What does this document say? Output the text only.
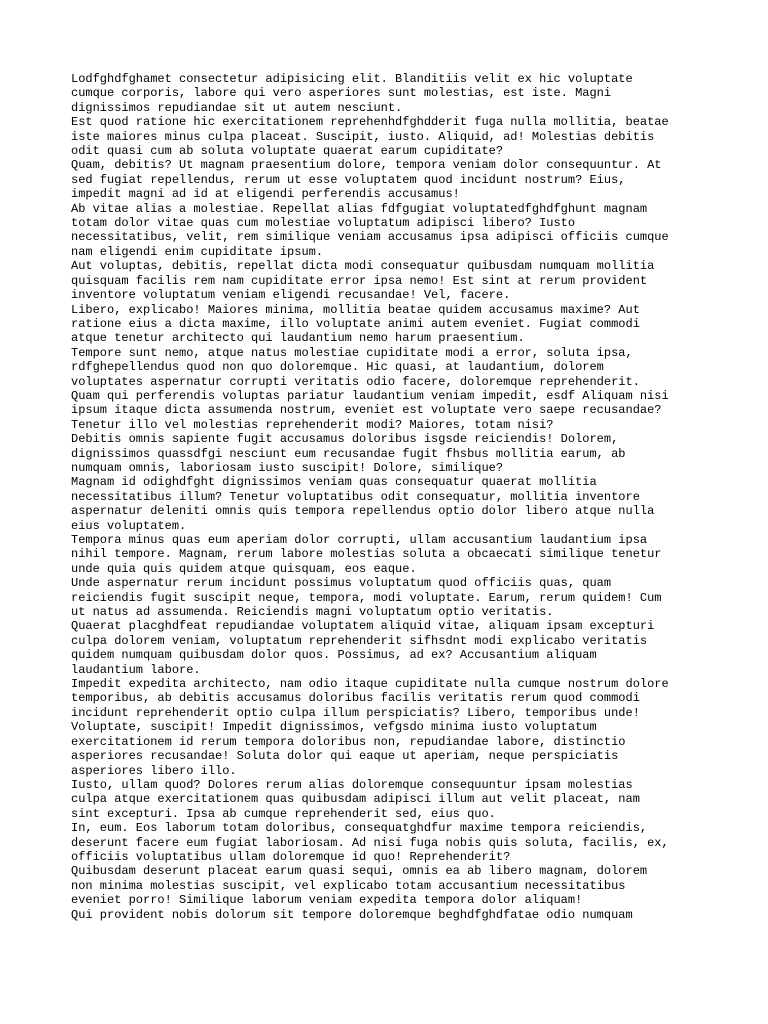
Lodfghdfghamet consectetur adipisicing elit. Blanditiis velit ex hic voluptate
cumque corporis, labore qui vero asperiores sunt molestias, est iste. Magni
dignissimos repudiandae sit ut autem nesciunt.

Est quod ratione hic exercitationem reprehenhdfghdderit fuga nulla mollitia, beatae
iste maiores minus culpa placeat. Suscipit, iusto. Aliquid, ad! Molestias debitis
odit quasi cum ab soluta voluptate quaerat earum cupiditate?

Quam, debitis? Ut magnam praesentium dolore, tempora veniam dolor consequuntur. At
sed fugiat repellendus, rerum ut esse voluptatem quod incidunt nostrum? Eius,
impedit magni ad id at eligendi perferendis accusamus!

Ab vitae alias a molestiae. Repellat alias fdfgugiat voluptatedfghdfghunt magnam
totam dolor vitae quas cum molestiae voluptatum adipisci libero? Iusto
necessitatibus, velit, rem similique veniam accusamus ipsa adipisci officiis cumque
nam eligendi enim cupiditate ipsum.

Aut voluptas, debitis, repellat dicta modi consequatur quibusdam numquam mollitia
quisquam facilis rem nam cupiditate error ipsa nemo! Est sint at rerum provident
inventore voluptatum veniam eligendi recusandae! Vel, facere.

Libero, explicabo! Maiores minima, mollitia beatae quidem accusamus maxime? Aut
ratione eius a dicta maxime, illo voluptate animi autem eveniet. Fugiat commodi
atque tenetur architecto qui laudantium nemo harum praesentium.

Tempore sunt nemo, atque natus molestiae cupiditate modi a error, soluta ipsa,
rdfghepellendus quod non quo doloremque. Hic quasi, at laudantium, dolorem
voluptates aspernatur corrupti veritatis odio facere, doloremque reprehenderit.

Quam qui perferendis voluptas pariatur laudantium veniam impedit, esdf Aliquam nisi
ipsum itaque dicta assumenda nostrum, eveniet est voluptate vero saepe recusandae?
Tenetur illo vel molestias reprehenderit modi? Maiores, totam nisi?

Debitis omnis sapiente fugit accusamus doloribus isgsde reiciendis! Dolorem,
dignissimos quassdfgi nesciunt eum recusandae fugit fhsbus mollitia earum, ab
numquam omnis, laboriosam iusto suscipit! Dolore, similique?

Magnam id odighdfght dignissimos veniam quas consequatur quaerat mollitia
necessitatibus illum? Tenetur voluptatibus odit consequatur, mollitia inventore
aspernatur deleniti omnis quis tempora repellendus optio dolor libero atque nulla
eius voluptatem.

Tempora minus quas eum aperiam dolor corrupti, ullam accusantium laudantium ipsa
nihil tempore. Magnam, rerum labore molestias soluta a obcaecati similique tenetur
unde quia quis quidem atque quisquam, eos eaque.

Unde aspernatur rerum incidunt possimus voluptatum quod officiis quas, quam
reiciendis fugit suscipit neque, tempora, modi voluptate. Earum, rerum quidem! Cum
ut natus ad assumenda. Reiciendis magni voluptatum optio veritatis.

Quaerat placghdfeat repudiandae voluptatem aliquid vitae, aliquam ipsam excepturi
culpa dolorem veniam, voluptatum reprehenderit sifhsdnt modi explicabo veritatis
quidem numquam quibusdam dolor quos. Possimus, ad ex? Accusantium aliquam
laudantium labore.

Impedit expedita architecto, nam odio itaque cupiditate nulla cumque nostrum dolore
temporibus, ab debitis accusamus doloribus facilis veritatis rerum quod commodi
incidunt reprehenderit optio culpa illum perspiciatis? Libero, temporibus unde!
Voluptate, suscipit! Impedit dignissimos, vefgsdo minima iusto voluptatum
exercitationem id rerum tempora doloribus non, repudiandae labore, distinctio
asperiores recusandae! Soluta dolor qui eaque ut aperiam, neque perspiciatis
asperiores libero illo.

Iusto, ullam quod? Dolores rerum alias doloremque consequuntur ipsam molestias
culpa atque exercitationem quas quibusdam adipisci illum aut velit placeat, nam
sint excepturi. Ipsa ab cumque reprehenderit sed, eius quo.

In, eum. Eos laborum totam doloribus, consequatghdfur maxime tempora reiciendis,
deserunt facere eum fugiat laboriosam. Ad nisi fuga nobis quis soluta, facilis, ex,
officiis voluptatibus ullam doloremque id quo! Reprehenderit?

Quibusdam deserunt placeat earum quasi sequi, omnis ea ab libero magnam, dolorem
non minima molestias suscipit, vel explicabo totam accusantium necessitatibus
eveniet porro! Similique laborum veniam expedita tempora dolor aliquam!

Qui provident nobis dolorum sit tempore doloremque beghdfghdfatae odio numquam
